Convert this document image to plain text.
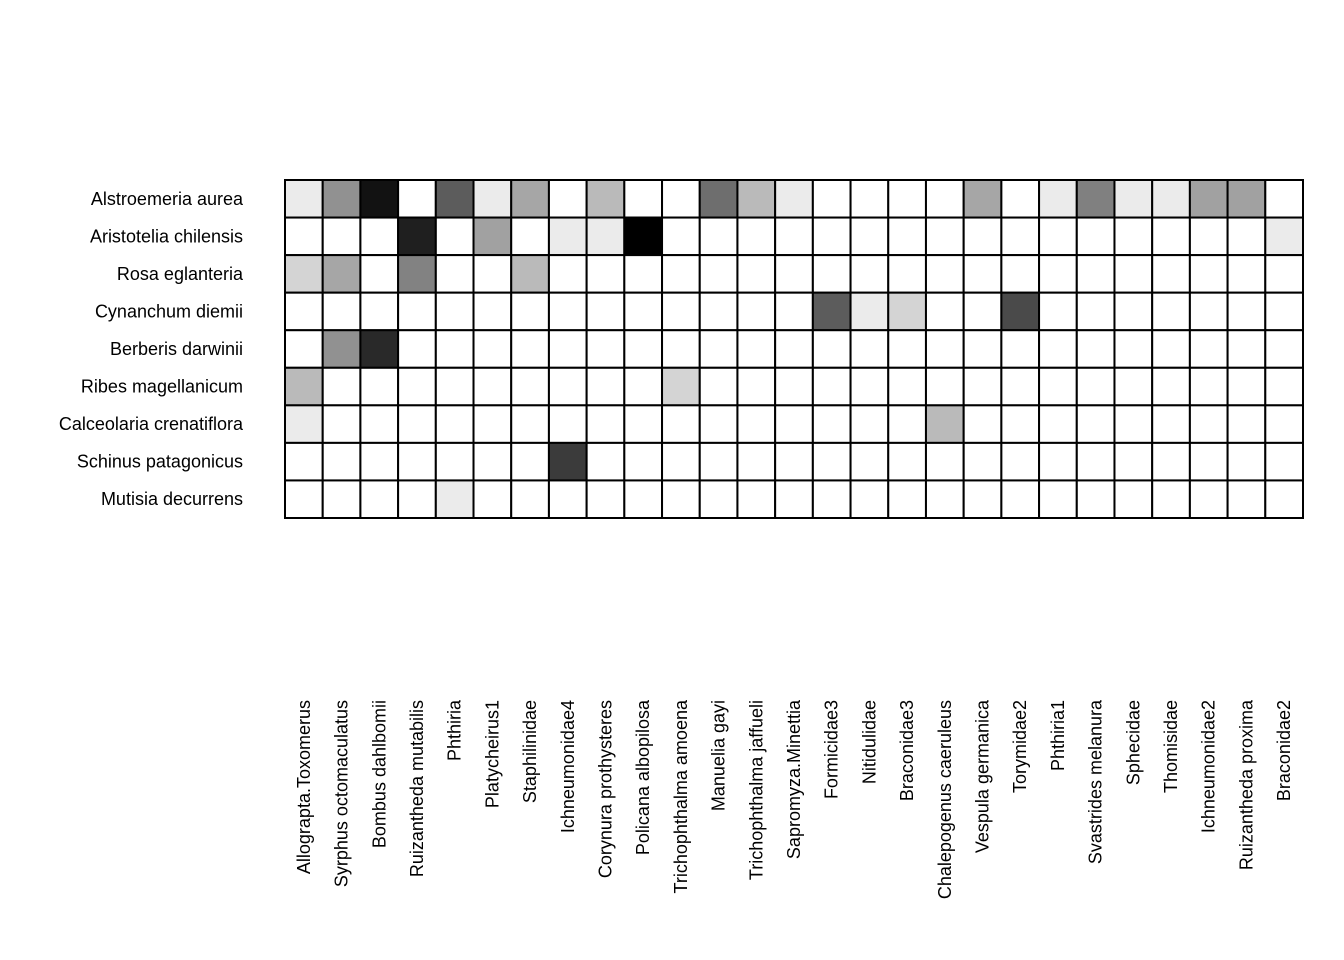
Alstroemeria aurea
Aristotelia chilensis
Rosa eglanteria
Cynanchum diemii
Berberis darwinii
Ribes magellanicum
Calceolaria crenatiflora
Schinus patagonicus
Mutisia decurrens
Allograpta.Toxomerus Syrphus octomaculatus Bombus dahlbomii Ruizantheda mutabilis Phthiria Platycheirus1 Staphilinidae Ichneumonidae4 Corynura prothysteres Policana albopilosa Trichophthalma amoena Manuelia gayi Trichophthalma jaffueli Sapromyza.Minettia Formicidae3 Nitidulidae Braconidae3 Chalepogenus caeruleus Vespula germanica Torymidae2 Phthiria1 Svastrides melanura Sphecidae Thomisidae Ichneumonidae2 Ruizantheda proxima Braconidae2
